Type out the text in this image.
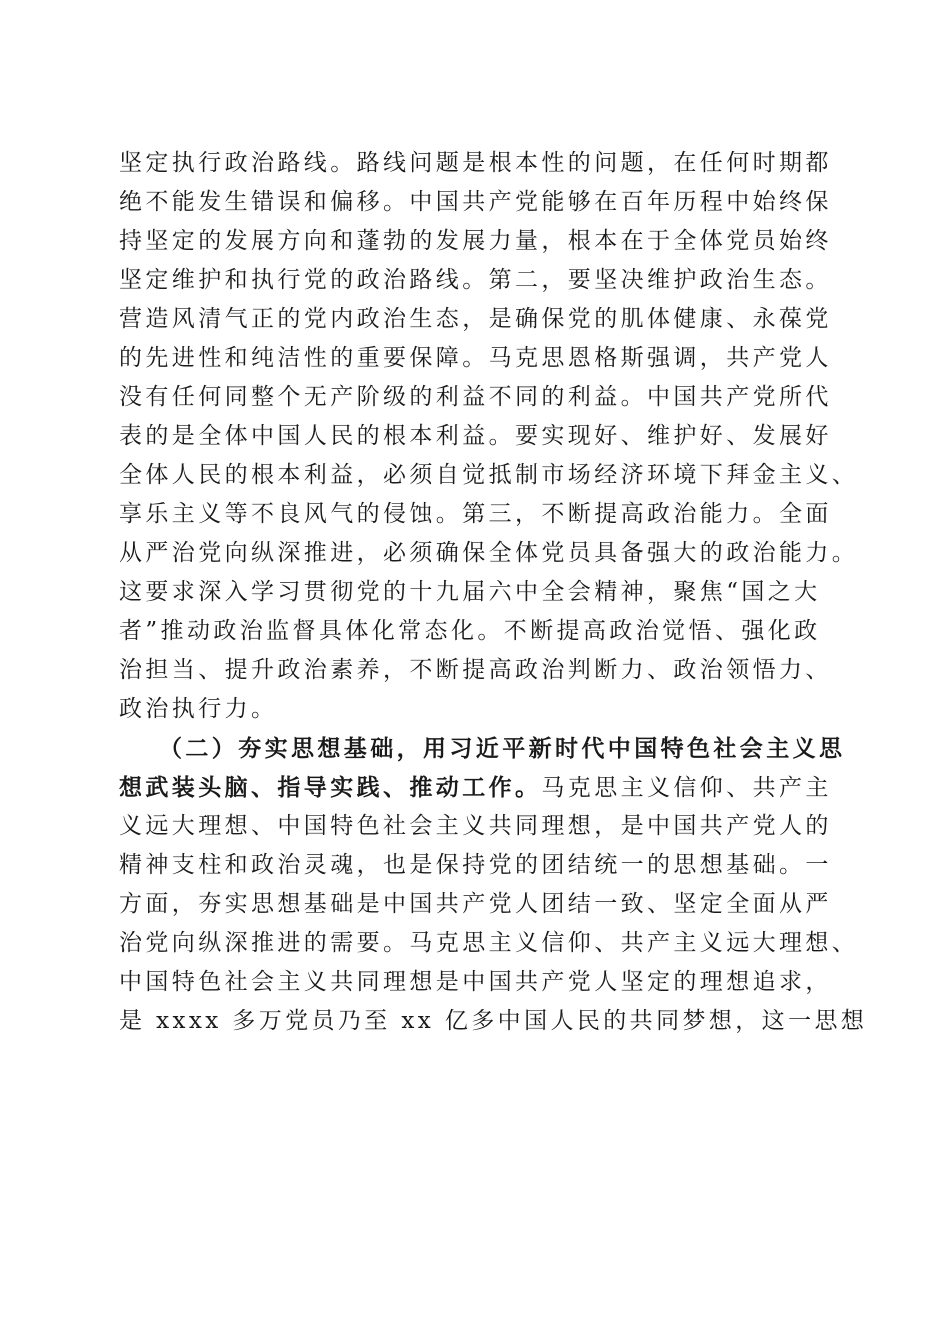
坚定执行政治路线。路线问题是根本性的问题，在任何时期都
绝不能发生错误和偏移。中国共产党能够在百年历程中始终保
持坚定的发展方向和蓬勃的发展力量，根本在于全体党员始终
坚定维护和执行党的政治路线。第二，要坚决维护政治生态。
营造风清气正的党内政治生态，是确保党的肌体健康、永葆党
的先进性和纯洁性的重要保障。马克思恩格斯强调，共产党人
没有任何同整个无产阶级的利益不同的利益。中国共产党所代
表的是全体中国人民的根本利益。要实现好、维护好、发展好
全体人民的根本利益，必须自觉抵制市场经济环境下拜金主义、
享乐主义等不良风气的侵蚀。第三，不断提高政治能力。全面
从严治党向纵深推进，必须确保全体党员具备强大的政治能力。
这要求深入学习贯彻党的十九届六中全会精神，聚焦“国之大
者”推动政治监督具体化常态化。不断提高政治觉悟、强化政
治担当、提升政治素养，不断提高政治判断力、政治领悟力、
政治执行力。
（二）夯实思想基础，用习近平新时代中国特色社会主义思
想武装头脑、指导实践、推动工作。马克思主义信仰、共产主
义远大理想、中国特色社会主义共同理想，是中国共产党人的
精神支柱和政治灵魂，也是保持党的团结统一的思想基础。一
方面，夯实思想基础是中国共产党人团结一致、坚定全面从严
治党向纵深推进的需要。马克思主义信仰、共产主义远大理想、
中国特色社会主义共同理想是中国共产党人坚定的理想追求，
是 xxxx 多万党员乃至 xx 亿多中国人民的共同梦想，这一思想
